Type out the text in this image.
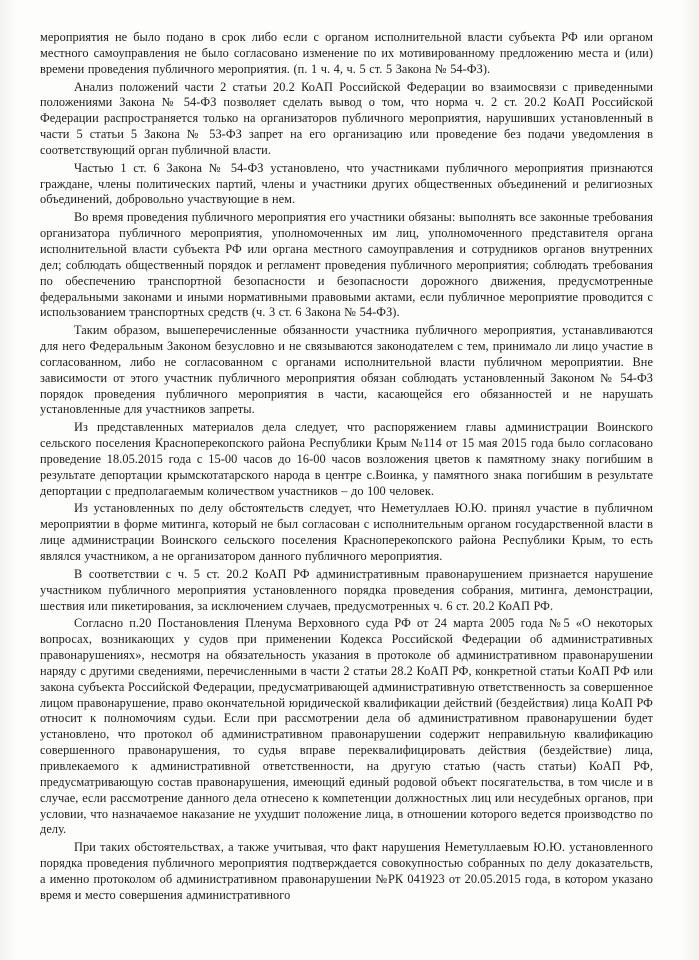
мероприятия не было подано в срок либо если с органом исполнительной власти субъекта РФ или органом местного самоуправления не было согласовано изменение по их мотивированному предложению места и (или) времени проведения публичного мероприятия. (п. 1 ч. 4, ч. 5 ст. 5 Закона № 54-ФЗ).

Анализ положений части 2 статьи 20.2 КоАП Российской Федерации во взаимосвязи с приведенными положениями Закона № 54-ФЗ позволяет сделать вывод о том, что норма ч. 2 ст. 20.2 КоАП Российской Федерации распространяется только на организаторов публичного мероприятия, нарушивших установленный в части 5 статьи 5 Закона № 53-ФЗ запрет на его организацию или проведение без подачи уведомления в соответствующий орган публичной власти.

Частью 1 ст. 6 Закона № 54-ФЗ установлено, что участниками публичного мероприятия признаются граждане, члены политических партий, члены и участники других общественных объединений и религиозных объединений, добровольно участвующие в нем.

Во время проведения публичного мероприятия его участники обязаны: выполнять все законные требования организатора публичного мероприятия, уполномоченных им лиц, уполномоченного представителя органа исполнительной власти субъекта РФ или органа местного самоуправления и сотрудников органов внутренних дел; соблюдать общественный порядок и регламент проведения публичного мероприятия; соблюдать требования по обеспечению транспортной безопасности и безопасности дорожного движения, предусмотренные федеральными законами и иными нормативными правовыми актами, если публичное мероприятие проводится с использованием транспортных средств (ч. 3 ст. 6 Закона № 54-ФЗ).

Таким образом, вышеперечисленные обязанности участника публичного мероприятия, устанавливаются для него Федеральным Законом безусловно и не связываются законодателем с тем, принимало ли лицо участие в согласованном, либо не согласованном с органами исполнительной власти публичном мероприятии. Вне зависимости от этого участник публичного мероприятия обязан соблюдать установленный Законом № 54-ФЗ порядок проведения публичного мероприятия в части, касающейся его обязанностей и не нарушать установленные для участников запреты.

Из представленных материалов дела следует, что распоряжением главы администрации Воинского сельского поселения Красноперекопского района Республики Крым №114 от 15 мая 2015 года было согласовано проведение 18.05.2015 года с 15-00 часов до 16-00 часов возложения цветов к памятному знаку погибшим в результате депортации крымскотатарского народа в центре с.Воинка, у памятного знака погибшим в результате депортации с предполагаемым количеством участников – до 100 человек.

Из установленных по делу обстоятельств следует, что Неметуллаев Ю.Ю. принял участие в публичном мероприятии в форме митинга, который не был согласован с исполнительным органом государственной власти в лице администрации Воинского сельского поселения Красноперекопского района Республики Крым, то есть являлся участником, а не организатором данного публичного мероприятия.

В соответствии с ч. 5 ст. 20.2 КоАП РФ административным правонарушением признается нарушение участником публичного мероприятия установленного порядка проведения собрания, митинга, демонстрации, шествия или пикетирования, за исключением случаев, предусмотренных ч. 6 ст. 20.2 КоАП РФ.

Согласно п.20 Постановления Пленума Верховного суда РФ от 24 марта 2005 года №5 «О некоторых вопросах, возникающих у судов при применении Кодекса Российской Федерации об административных правонарушениях», несмотря на обязательность указания в протоколе об административном правонарушении наряду с другими сведениями, перечисленными в части 2 статьи 28.2 КоАП РФ, конкретной статьи КоАП РФ или закона субъекта Российской Федерации, предусматривающей административную ответственность за совершенное лицом правонарушение, право окончательной юридической квалификации действий (бездействия) лица КоАП РФ относит к полномочиям судьи. Если при рассмотрении дела об административном правонарушении будет установлено, что протокол об административном правонарушении содержит неправильную квалификацию совершенного правонарушения, то судья вправе переквалифицировать действия (бездействие) лица, привлекаемого к административной ответственности, на другую статью (часть статьи) КоАП РФ, предусматривающую состав правонарушения, имеющий единый родовой объект посягательства, в том числе и в случае, если рассмотрение данного дела отнесено к компетенции должностных лиц или несудебных органов, при условии, что назначаемое наказание не ухудшит положение лица, в отношении которого ведется производство по делу.

При таких обстоятельствах, а также учитывая, что факт нарушения Неметуллаевым Ю.Ю. установленного порядка проведения публичного мероприятия подтверждается совокупностью собранных по делу доказательств, а именно протоколом об административном правонарушении №РК 041923 от 20.05.2015 года, в котором указано время и место совершения административного
